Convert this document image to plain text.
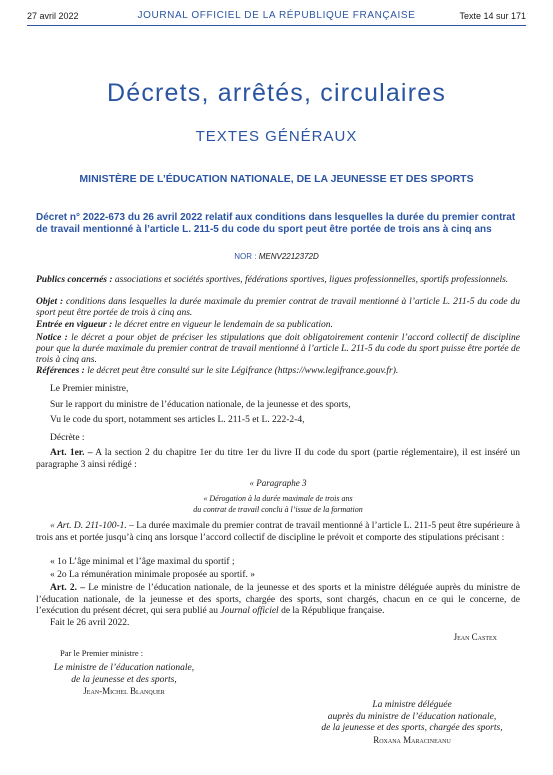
27 avril 2022	JOURNAL OFFICIEL DE LA RÉPUBLIQUE FRANÇAISE	Texte 14 sur 171
Décrets, arrêtés, circulaires
TEXTES GÉNÉRAUX
MINISTÈRE DE L’ÉDUCATION NATIONALE, DE LA JEUNESSE ET DES SPORTS
Décret n° 2022-673 du 26 avril 2022 relatif aux conditions dans lesquelles la durée du premier contrat de travail mentionné à l’article L. 211-5 du code du sport peut être portée de trois ans à cinq ans
NOR : MENV2212372D
Publics concernés : associations et sociétés sportives, fédérations sportives, ligues professionnelles, sportifs professionnels.
Objet : conditions dans lesquelles la durée maximale du premier contrat de travail mentionné à l’article L. 211-5 du code du sport peut être portée de trois à cinq ans.
Entrée en vigueur : le décret entre en vigueur le lendemain de sa publication.
Notice : le décret a pour objet de préciser les stipulations que doit obligatoirement contenir l’accord collectif de discipline pour que la durée maximale du premier contrat de travail mentionné à l’article L. 211-5 du code du sport puisse être portée de trois à cinq ans.
Références : le décret peut être consulté sur le site Légifrance (https://www.legifrance.gouv.fr).
Le Premier ministre,
Sur le rapport du ministre de l’éducation nationale, de la jeunesse et des sports,
Vu le code du sport, notamment ses articles L. 211-5 et L. 222-2-4,
Décrète :
Art. 1er. – A la section 2 du chapitre 1er du titre 1er du livre II du code du sport (partie réglementaire), il est inséré un paragraphe 3 ainsi rédigé :
« Paragraphe 3
« Dérogation à la durée maximale de trois ans
du contrat de travail conclu à l’issue de la formation
« Art. D. 211-100-1. – La durée maximale du premier contrat de travail mentionné à l’article L. 211-5 peut être supérieure à trois ans et portée jusqu’à cinq ans lorsque l’accord collectif de discipline le prévoit et comporte des stipulations précisant :
« 1o L’âge minimal et l’âge maximal du sportif ;
« 2o La rémunération minimale proposée au sportif. »
Art. 2. – Le ministre de l’éducation nationale, de la jeunesse et des sports et la ministre déléguée auprès du ministre de l’éducation nationale, de la jeunesse et des sports, chargée des sports, sont chargés, chacun en ce qui le concerne, de l’exécution du présent décret, qui sera publié au Journal officiel de la République française.
Fait le 26 avril 2022.
Jean Castex
Par le Premier ministre :
Le ministre de l’éducation nationale,
de la jeunesse et des sports,
Jean-Michel Blanquer
La ministre déléguée
auprès du ministre de l’éducation nationale,
de la jeunesse et des sports, chargée des sports,
Roxana Maracineanu
